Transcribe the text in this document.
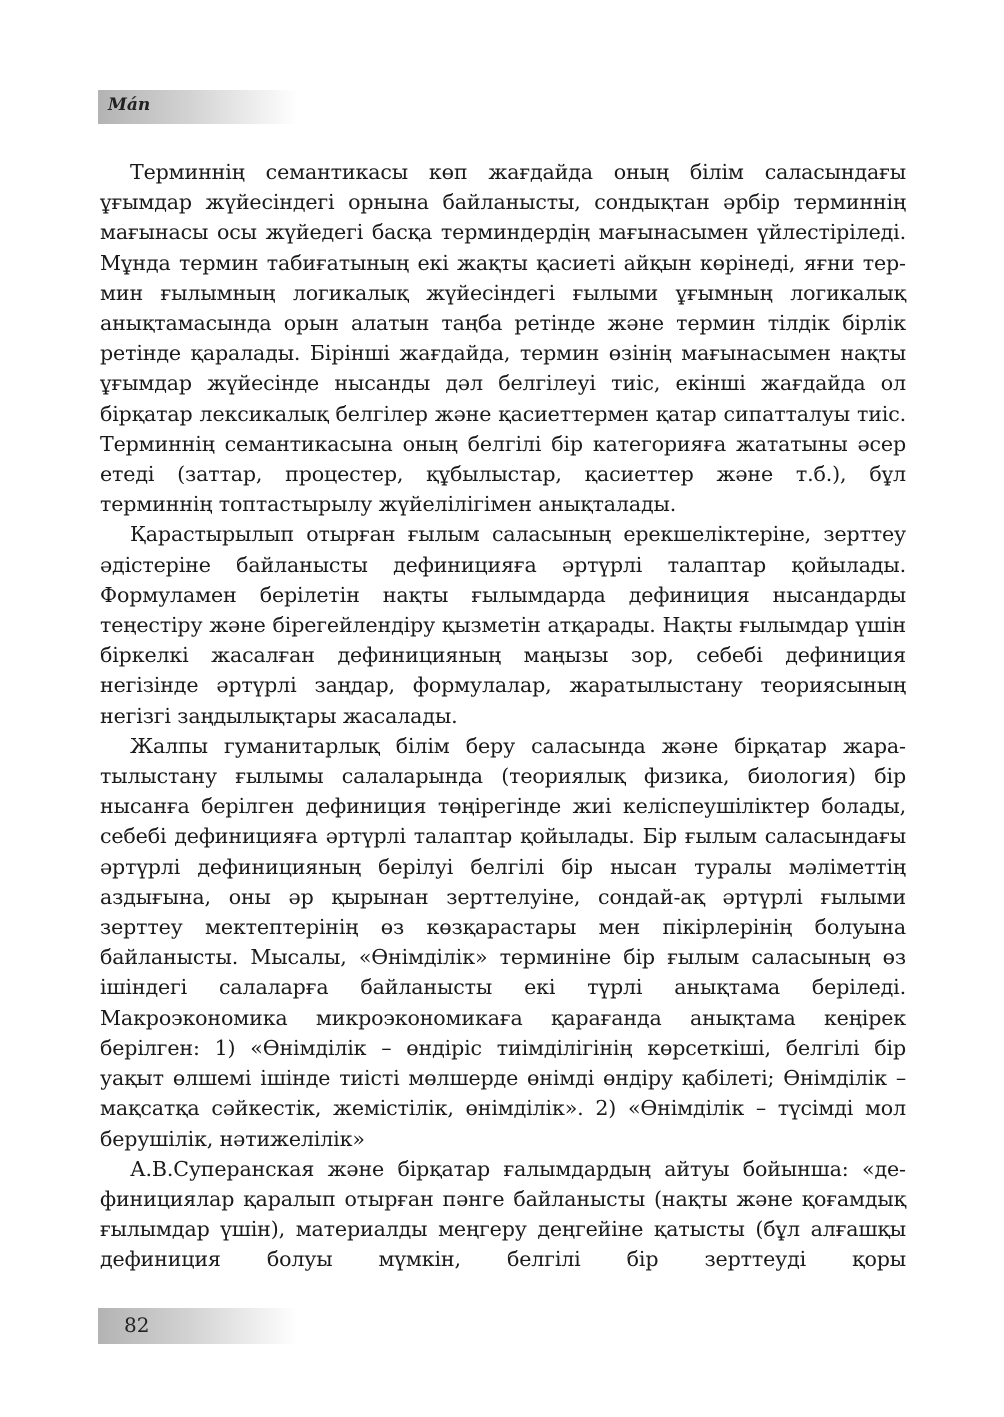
Mán

Терминнің семантикасы көп жағдайда оның білім саласындағы ұғымдар жүйесіндегі орнына байланысты, сондықтан әрбір терминнің мағынасы осы жүйедегі басқа терминдердің мағынасымен үйлестіріледі. Мұнда термин табиғатының екі жақты қасиеті айқын көрінеді, яғни термин ғылымның логикалық жүйесіндегі ғылыми ұғымның логикалық анықтамасында орын алатын таңба ретінде және термин тілдік бірлік ретінде қаралады. Бірінші жағдайда, термин өзінің мағынасымен нақты ұғымдар жүйесінде нысанды дәл белгілеуі тиіс, екінші жағдайда ол бірқатар лексикалық белгілер және қасиеттермен қатар сипатталуы тиіс. Терминнің семантикасына оның белгілі бір категорияға жататыны әсер етеді (заттар, процестер, құбылыстар, қасиеттер және т.б.), бұл терминнің топтастырылу жүйелілігімен анықталады.

Қарастырылып отырған ғылым саласының ерекшеліктеріне, зерттеу әдістеріне байланысты дефиницияға әртүрлі талаптар қойылады. Формуламен берілетін нақты ғылымдарда дефиниция нысандарды теңестіру және бірегейлендіру қызметін атқарады. Нақты ғылымдар үшін біркелкі жасалған дефиницияның маңызы зор, себебі дефиниция негізінде әртүрлі заңдар, формулалар, жаратылыстану теориясының негізгі заңдылықтары жасалады.

Жалпы гуманитарлық білім беру саласында және бірқатар жаратылыстану ғылымы салаларында (теориялық физика, биология) бір нысанға берілген дефиниция төңірегінде жиі келіспеушіліктер болады, себебі дефиницияға әртүрлі талаптар қойылады. Бір ғылым саласындағы әртүрлі дефиницияның берілуі белгілі бір нысан туралы мәліметтің аздығына, оны әр қырынан зерттелуіне, сондай-ақ әртүрлі ғылыми зерттеу мектептерінің өз көзқарастары мен пікірлерінің болуына байланысты. Мысалы, «Өнімділік» терминіне бір ғылым саласының өз ішіндегі салаларға байланысты екі түрлі анықтама беріледі. Макроэкономика микроэкономикаға қарағанда анықтама кеңірек берілген: 1) «Өнімділік – өндіріс тиімділігінің көрсеткіші, белгілі бір уақыт өлшемі ішінде тиісті мөлшерде өнімді өндіру қабілеті; Өнімділік – мақсатқа сәйкестік, жемістілік, өнімділік». 2) «Өнімділік – түсімді мол берушілік, нәтижелілік»

А.В.Суперанская және бірқатар ғалымдардың айтуы бойынша: «дефинициялар қаралып отырған пәнге байланысты (нақты және қоғамдық ғылымдар үшін), материалды меңгеру деңгейіне қатысты (бұл алғашқы дефиниция болуы мүмкін, белгілі бір зерттеуді қоры

82
